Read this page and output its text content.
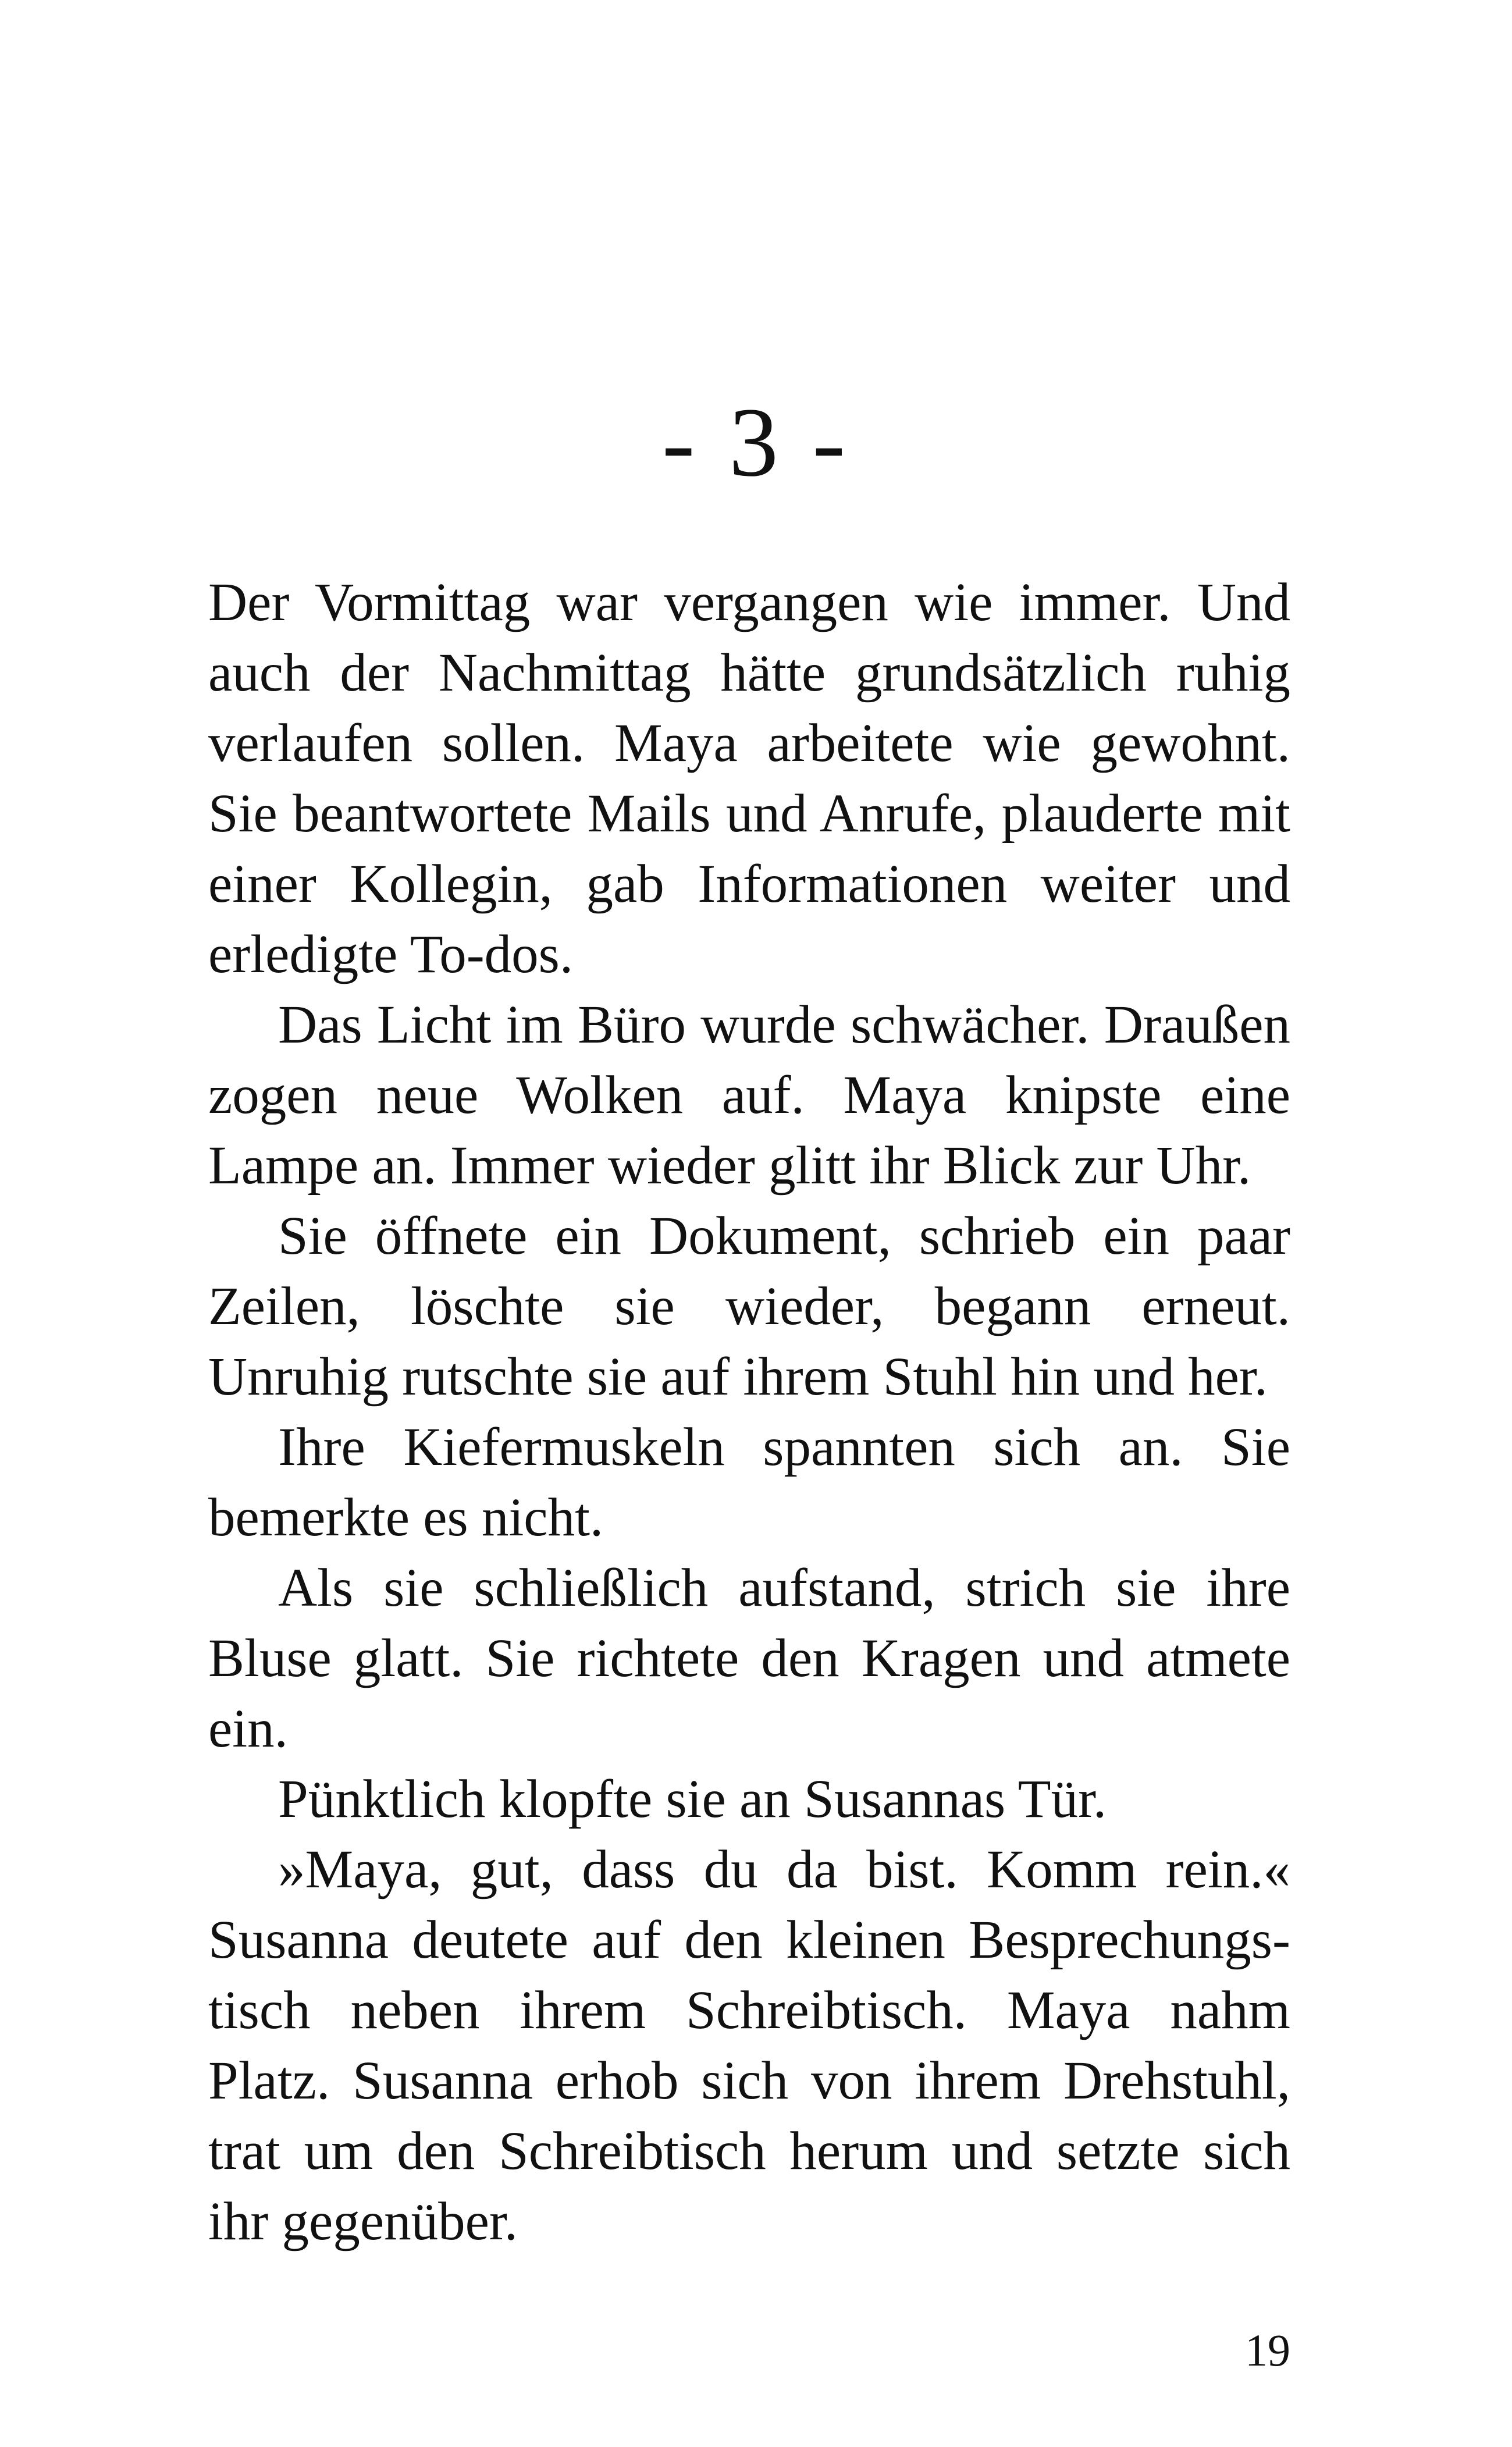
- 3 -

Der Vormittag war vergangen wie immer. Und auch der Nachmittag hätte grundsätzlich ruhig verlaufen sollen. Maya arbeitete wie gewohnt. Sie beantwortete Mails und Anrufe, plauderte mit einer Kollegin, gab Informationen weiter und erledigte To-dos.

Das Licht im Büro wurde schwächer. Draußen zogen neue Wolken auf. Maya knipste eine Lampe an. Immer wieder glitt ihr Blick zur Uhr.

Sie öffnete ein Dokument, schrieb ein paar Zeilen, löschte sie wieder, begann erneut. Unruhig rutschte sie auf ihrem Stuhl hin und her.

Ihre Kiefermuskeln spannten sich an. Sie bemerkte es nicht.

Als sie schließlich aufstand, strich sie ihre Bluse glatt. Sie richtete den Kragen und atmete ein.

Pünktlich klopfte sie an Susannas Tür.

»Maya, gut, dass du da bist. Komm rein.« Susanna deutete auf den kleinen Besprechungstisch neben ihrem Schreibtisch. Maya nahm Platz. Susanna erhob sich von ihrem Drehstuhl, trat um den Schreibtisch herum und setzte sich ihr gegenüber.

19
